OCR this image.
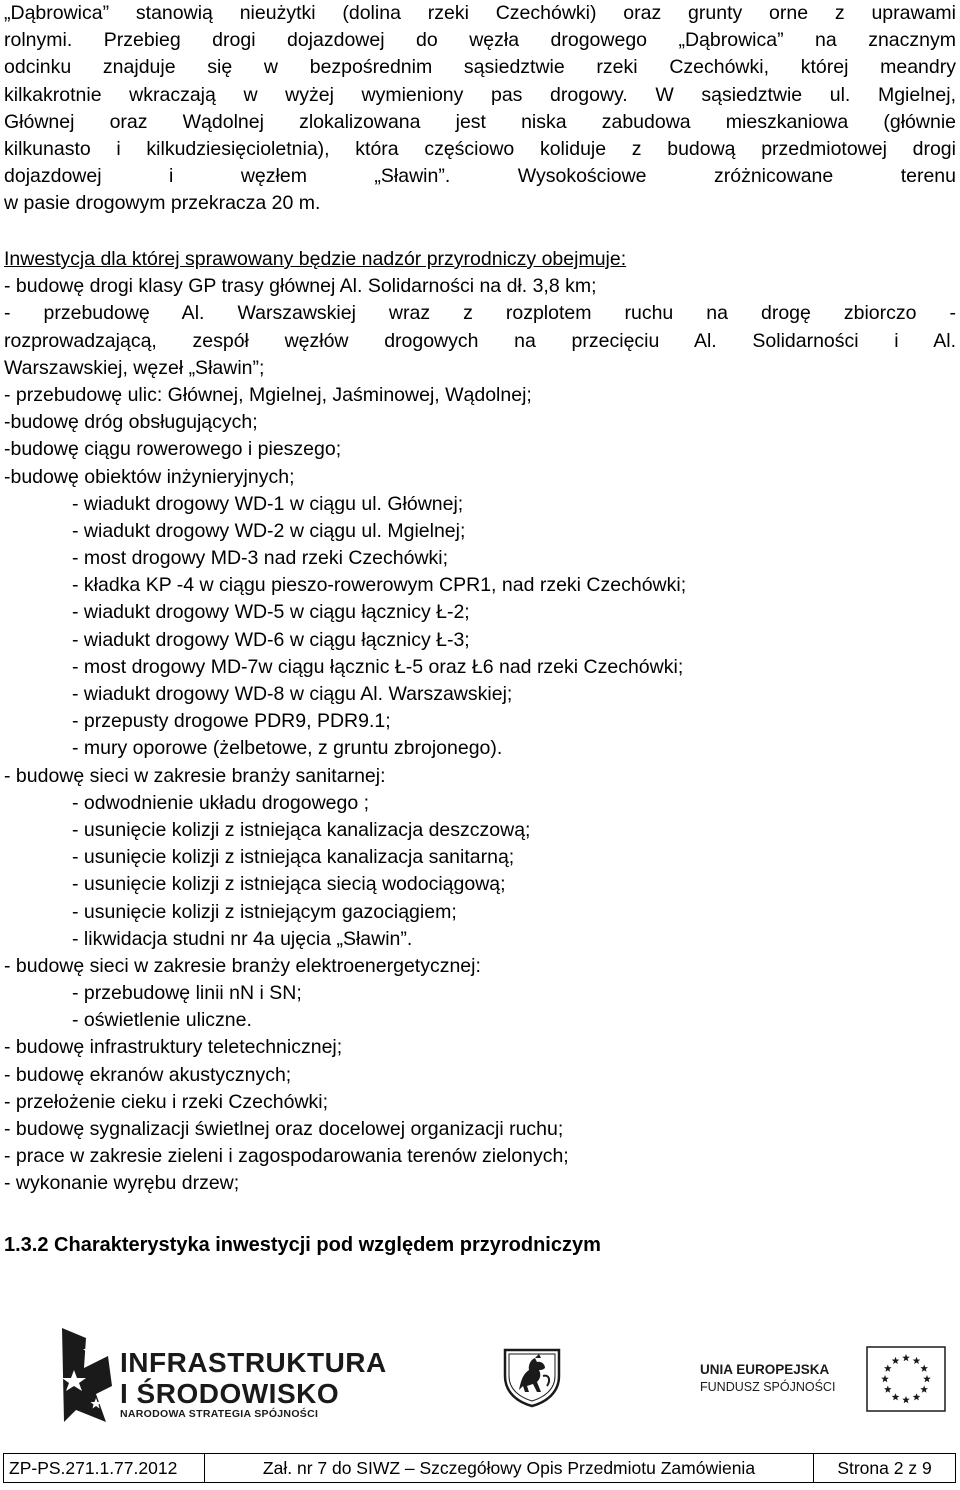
„Dąbrowica” stanowią nieużytki (dolina rzeki Czechówki) oraz grunty orne z uprawami
rolnymi. Przebieg drogi dojazdowej do węzła drogowego „Dąbrowica” na znacznym
odcinku znajduje się w bezpośrednim sąsiedztwie rzeki Czechówki, której meandry
kilkakrotnie wkraczają w wyżej wymieniony pas drogowy. W sąsiedztwie ul. Mgielnej,
Głównej oraz Wądolnej zlokalizowana jest niska zabudowa mieszkaniowa (głównie
kilkunasto i kilkudziesięcioletnia), która częściowo koliduje z budową przedmiotowej drogi
dojazdowej i węzłem „Sławin”. Wysokościowe zróżnicowane terenu
w pasie drogowym przekracza 20 m.
Inwestycja dla której sprawowany będzie nadzór przyrodniczy obejmuje:
- budowę drogi klasy GP trasy głównej Al. Solidarności na dł. 3,8 km;
- przebudowę Al. Warszawskiej wraz z rozplotem ruchu na drogę zbiorczo -
rozprowadzającą, zespół węzłów drogowych na przecięciu Al. Solidarności i Al.
Warszawskiej, węzeł „Sławin”;
- przebudowę ulic: Głównej, Mgielnej, Jaśminowej, Wądolnej;
-budowę dróg obsługujących;
-budowę ciągu rowerowego i pieszego;
-budowę obiektów inżynieryjnych;
- wiadukt drogowy WD-1 w ciągu ul. Głównej;
- wiadukt drogowy WD-2 w ciągu ul. Mgielnej;
- most drogowy MD-3 nad rzeki Czechówki;
- kładka KP -4 w ciągu pieszo-rowerowym CPR1, nad rzeki Czechówki;
- wiadukt drogowy WD-5 w ciągu łącznicy Ł-2;
- wiadukt drogowy WD-6 w ciągu łącznicy Ł-3;
- most drogowy MD-7w ciągu łącznic Ł-5 oraz Ł6 nad rzeki Czechówki;
- wiadukt drogowy WD-8 w ciągu Al. Warszawskiej;
- przepusty drogowe PDR9, PDR9.1;
- mury oporowe (żelbetowe, z gruntu zbrojonego).
- budowę sieci w zakresie branży sanitarnej:
- odwodnienie układu drogowego ;
- usunięcie kolizji z istniejąca kanalizacja deszczową;
- usunięcie kolizji z istniejąca kanalizacja sanitarną;
- usunięcie kolizji z istniejąca siecią wodociągową;
- usunięcie kolizji z istniejącym gazociągiem;
- likwidacja studni nr 4a ujęcia „Sławin”.
- budowę sieci w zakresie branży elektroenergetycznej:
- przebudowę linii nN i SN;
- oświetlenie uliczne.
- budowę infrastruktury teletechnicznej;
- budowę ekranów akustycznych;
- przełożenie cieku i rzeki Czechówki;
- budowę sygnalizacji świetlnej oraz docelowej organizacji ruchu;
- prace w zakresie zieleni i zagospodarowania terenów zielonych;
- wykonanie wyrębu drzew;
1.3.2 Charakterystyka inwestycji pod względem przyrodniczym
INFRASTRUKTURA
I ŚRODOWISKO
NARODOWA STRATEGIA SPÓJNOŚCI
UNIA EUROPEJSKA
FUNDUSZ SPÓJNOŚCI
ZP-PS.271.1.77.2012	Zał. nr 7 do SIWZ – Szczegółowy Opis Przedmiotu Zamówienia	Strona 2 z 9
